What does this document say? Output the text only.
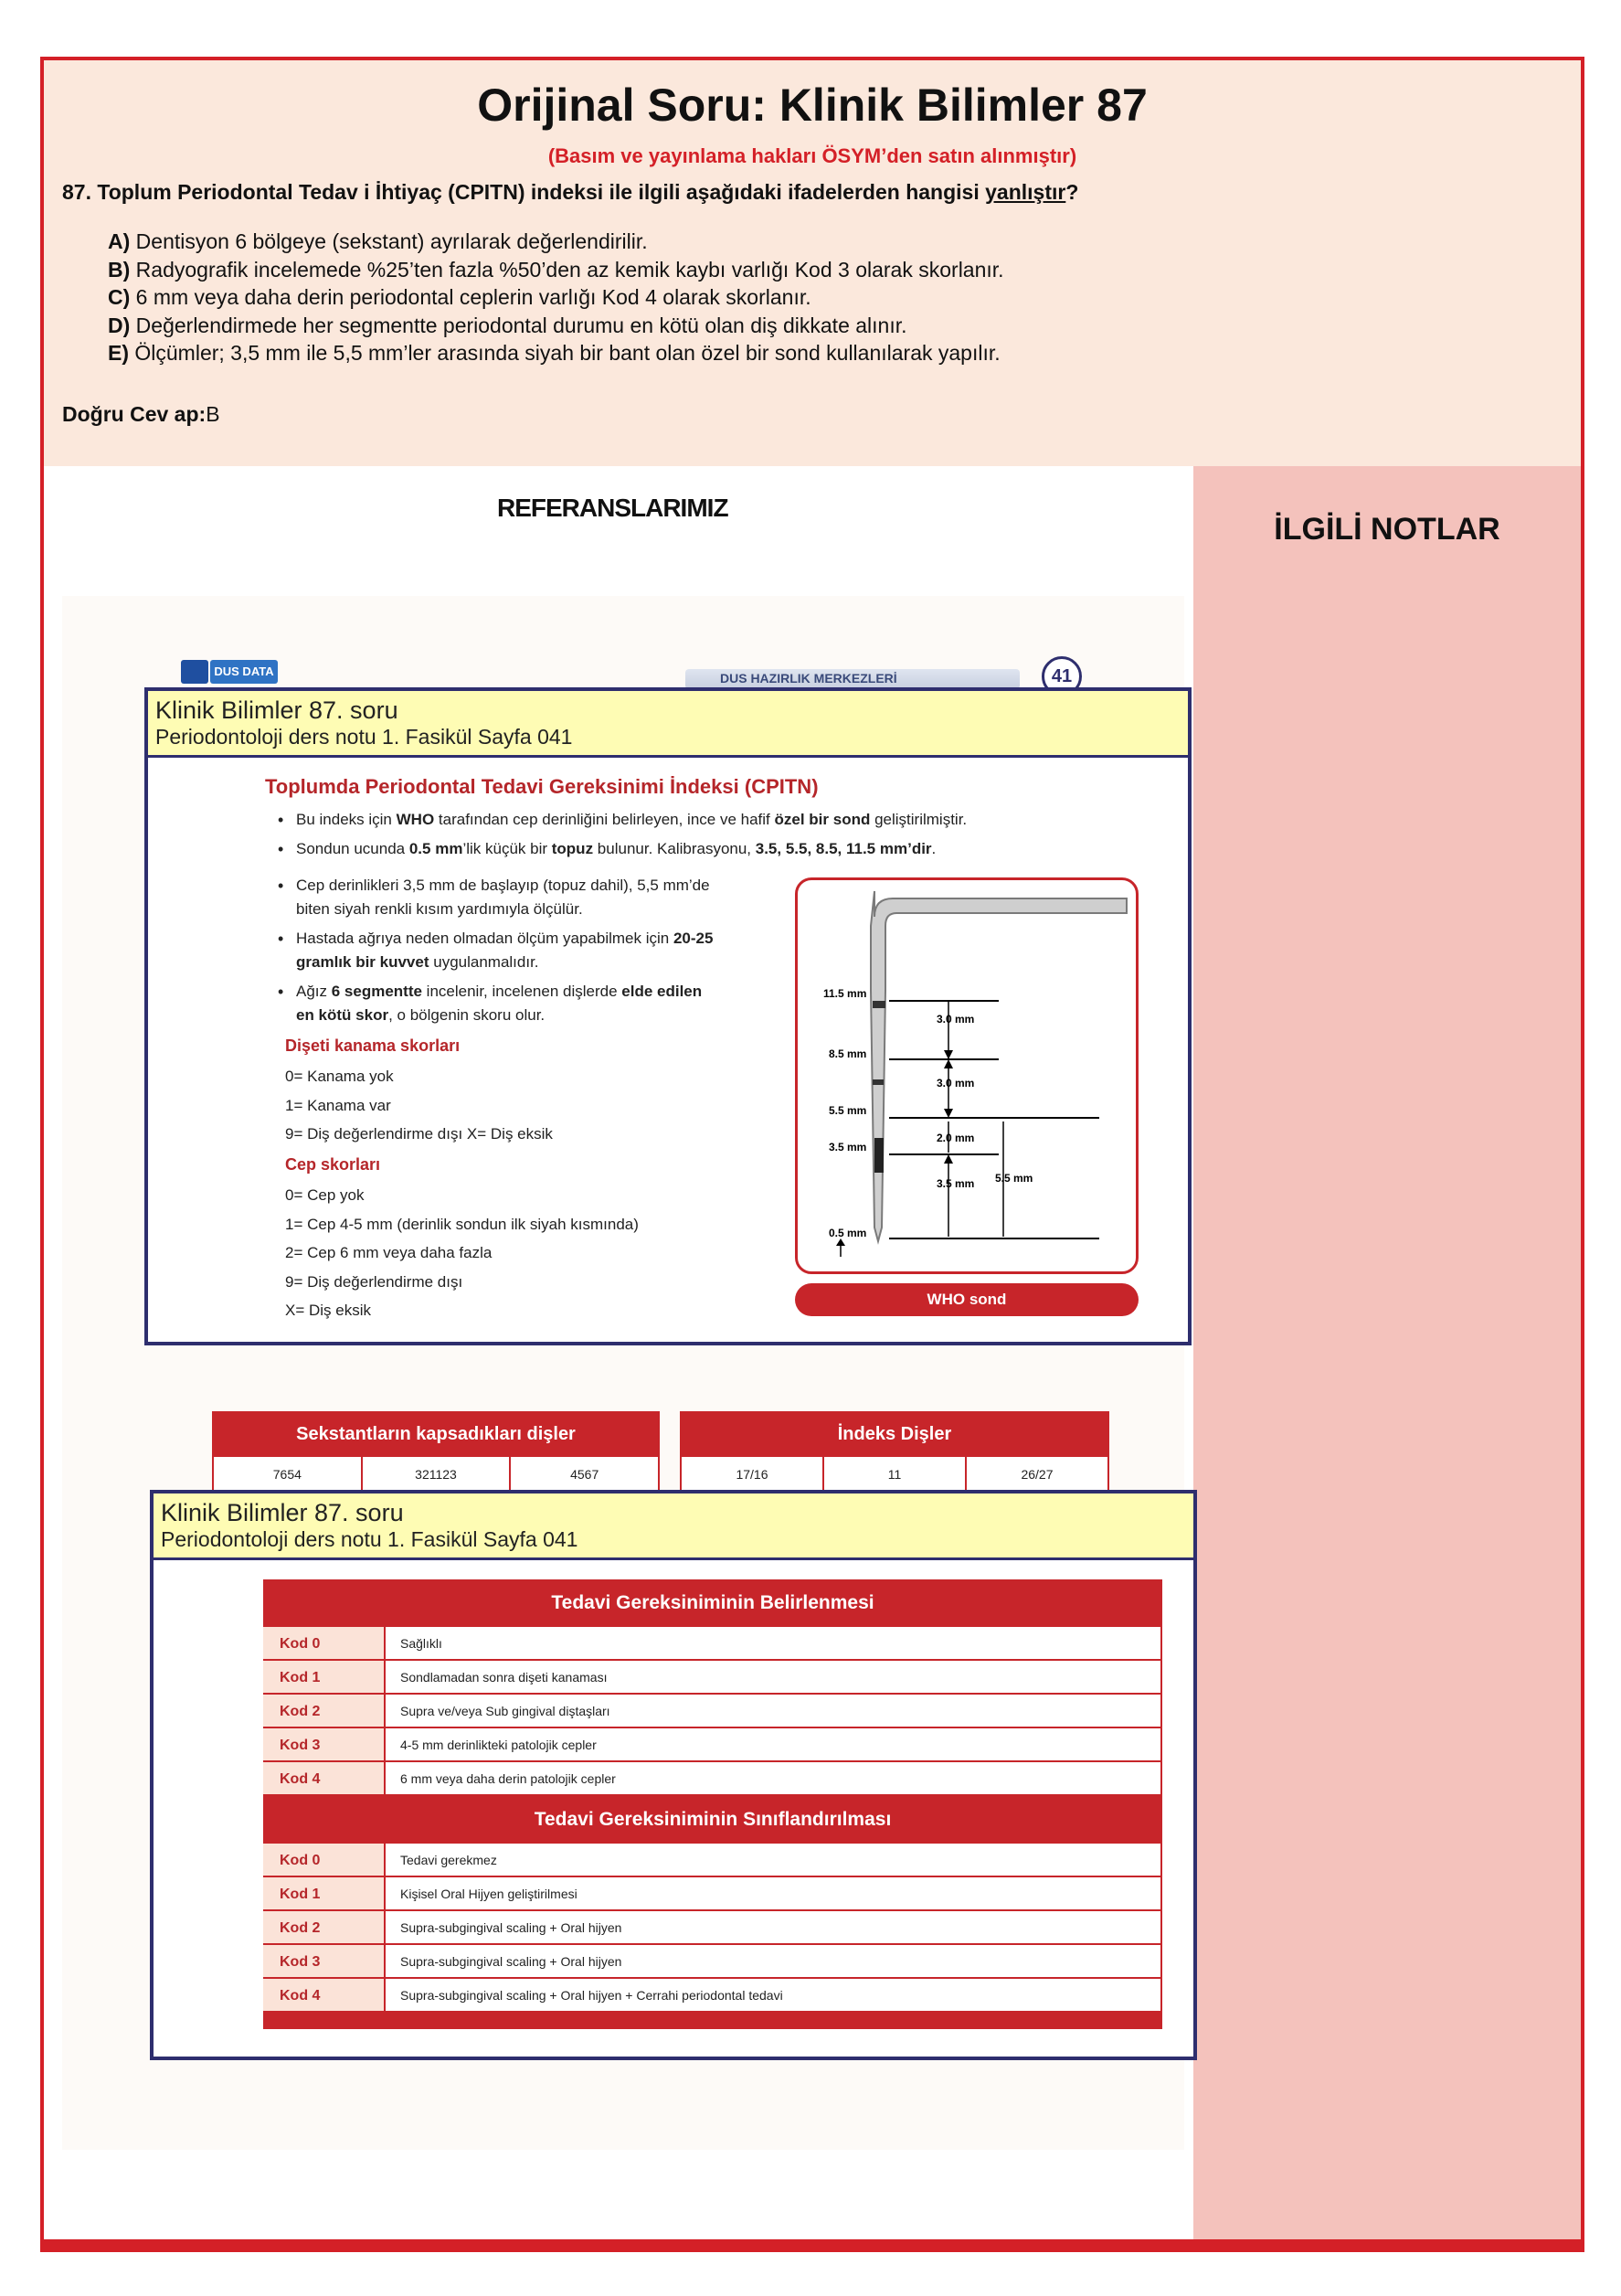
Orijinal Soru: Klinik Bilimler 87
(Basım ve yayınlama hakları ÖSYM’den satın alınmıştır)
87. Toplum Periodontal Tedav i İhtiyaç (CPITN) indeksi ile ilgili aşağıdaki ifadelerden hangisi yanlıştır?
A) Dentisyon 6 bölgeye (sekstant) ayrılarak değerlendirilir.
B) Radyografik incelemede %25’ten fazla %50’den az kemik kaybı varlığı Kod 3 olarak skorlanır.
C) 6 mm veya daha derin periodontal ceplerin varlığı Kod 4 olarak skorlanır.
D) Değerlendirmede her segmentte periodontal durumu en kötü olan diş dikkate alınır.
E) Ölçümler; 3,5 mm ile 5,5 mm’ler arasında siyah bir bant olan özel bir sond kullanılarak yapılır.
Doğru Cev ap:B
REFERANSLARIMIZ
İLGİLİ NOTLAR
DUS DATA	DUS HAZIRLIK MERKEZLERİ	41
Klinik Bilimler 87. soru
Periodontoloji ders notu 1. Fasikül Sayfa 041
Toplumda Periodontal Tedavi Gereksinimi İndeksi (CPITN)
• Bu indeks için WHO tarafından cep derinliğini belirleyen, ince ve hafif özel bir sond geliştirilmiştir.
• Sondun ucunda 0.5 mm’lik küçük bir topuz bulunur. Kalibrasyonu, 3.5, 5.5, 8.5, 11.5 mm’dir.
• Cep derinlikleri 3,5 mm de başlayıp (topuz dahil), 5,5 mm’de
biten siyah renkli kısım yardımıyla ölçülür.
• Hastada ağrıya neden olmadan ölçüm yapabilmek için 20-25
gramlık bir kuvvet uygulanmalıdır.
• Ağız 6 segmentte incelenir, incelenen dişlerde elde edilen
en kötü skor, o bölgenin skoru olur.
Dişeti kanama skorları
0= Kanama yok
1= Kanama var
9= Diş değerlendirme dışı X= Diş eksik
Cep skorları
0= Cep yok
1= Cep 4-5 mm (derinlik sondun ilk siyah kısmında)
2= Cep 6 mm veya daha fazla
9= Diş değerlendirme dışı
X= Diş eksik
11.5 mm
8.5 mm
5.5 mm
3.5 mm
0.5 mm
3.0 mm
3.0 mm
2.0 mm
3.5 mm 5.5 mm
WHO sond
Sekstantların kapsadıkları dişler
7654	321123	4567
İndeks Dişler
17/16	11	26/27
Klinik Bilimler 87. soru
Periodontoloji ders notu 1. Fasikül Sayfa 041
Tedavi Gereksiniminin Belirlenmesi
Kod 0	Sağlıklı
Kod 1	Sondlamadan sonra dişeti kanaması
Kod 2	Supra ve/veya Sub gingival diştaşları
Kod 3	4-5 mm derinlikteki patolojik cepler
Kod 4	6 mm veya daha derin patolojik cepler
Tedavi Gereksiniminin Sınıflandırılması
Kod 0	Tedavi gerekmez
Kod 1	Kişisel Oral Hijyen geliştirilmesi
Kod 2	Supra-subgingival scaling + Oral hijyen
Kod 3	Supra-subgingival scaling + Oral hijyen
Kod 4	Supra-subgingival scaling + Oral hijyen + Cerrahi periodontal tedavi
